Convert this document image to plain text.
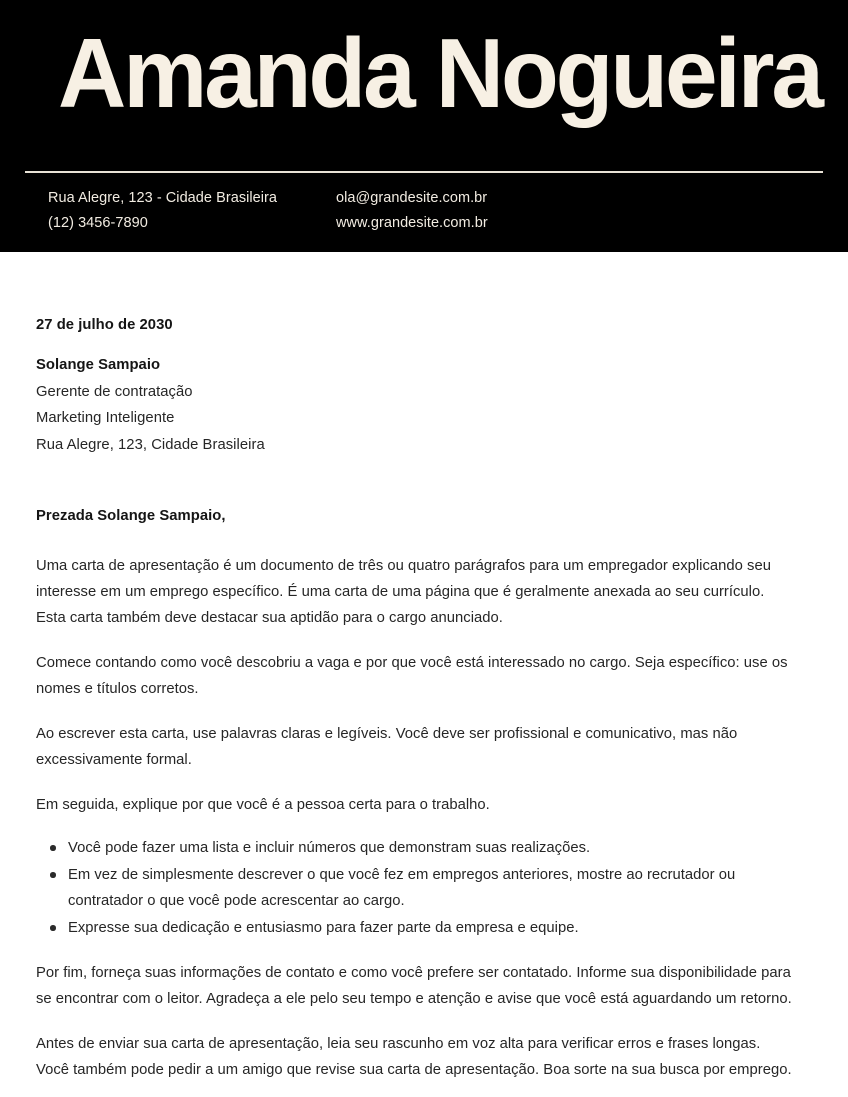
Amanda Nogueira
Rua Alegre, 123 - Cidade Brasileira
(12) 3456-7890
ola@grandesite.com.br
www.grandesite.com.br
27 de julho de 2030
Solange Sampaio
Gerente de contratação
Marketing Inteligente
Rua Alegre, 123, Cidade Brasileira
Prezada Solange Sampaio,

Uma carta de apresentação é um documento de três ou quatro parágrafos para um empregador explicando seu interesse em um emprego específico. É uma carta de uma página que é geralmente anexada ao seu currículo. Esta carta também deve destacar sua aptidão para o cargo anunciado.

Comece contando como você descobriu a vaga e por que você está interessado no cargo. Seja específico: use os nomes e títulos corretos.

Ao escrever esta carta, use palavras claras e legíveis. Você deve ser profissional e comunicativo, mas não excessivamente formal.

Em seguida, explique por que você é a pessoa certa para o trabalho.

Você pode fazer uma lista e incluir números que demonstram suas realizações.
Em vez de simplesmente descrever o que você fez em empregos anteriores, mostre ao recrutador ou contratador o que você pode acrescentar ao cargo.
Expresse sua dedicação e entusiasmo para fazer parte da empresa e equipe.

Por fim, forneça suas informações de contato e como você prefere ser contatado. Informe sua disponibilidade para se encontrar com o leitor. Agradeça a ele pelo seu tempo e atenção e avise que você está aguardando um retorno.

Antes de enviar sua carta de apresentação, leia seu rascunho em voz alta para verificar erros e frases longas. Você também pode pedir a um amigo que revise sua carta de apresentação. Boa sorte na sua busca por emprego.
